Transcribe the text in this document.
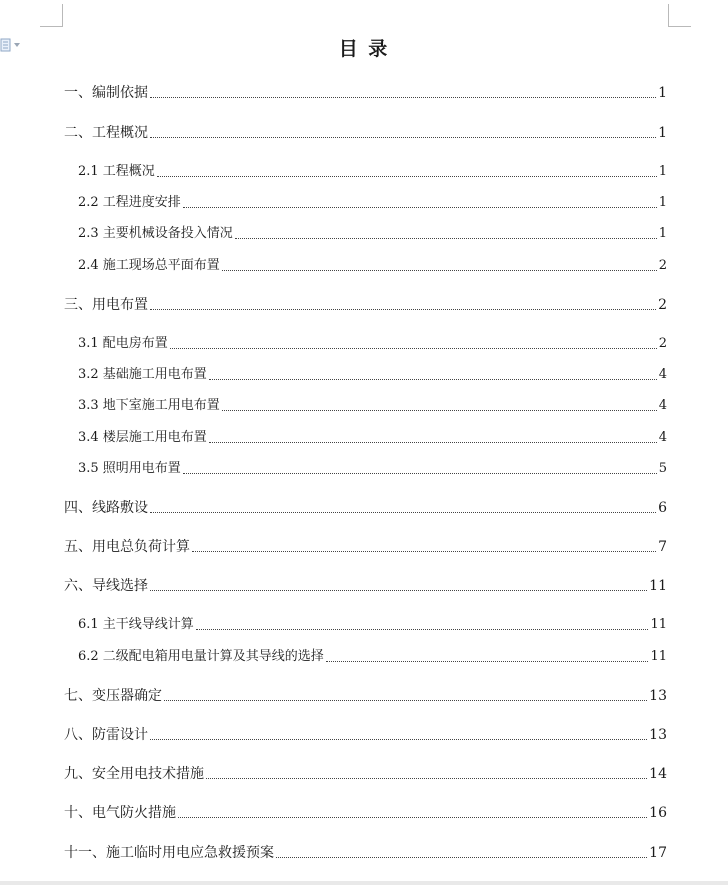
目 录
一、编制依据	1
二、工程概况	1
2.1 工程概况	1
2.2 工程进度安排	1
2.3 主要机械设备投入情况	1
2.4 施工现场总平面布置	2
三、用电布置	2
3.1 配电房布置	2
3.2 基础施工用电布置	4
3.3 地下室施工用电布置	4
3.4 楼层施工用电布置	4
3.5 照明用电布置	5
四、线路敷设	6
五、用电总负荷计算	7
六、导线选择	11
6.1 主干线导线计算	11
6.2 二级配电箱用电量计算及其导线的选择	11
七、变压器确定	13
八、防雷设计	13
九、安全用电技术措施	14
十、电气防火措施	16
十一、施工临时用电应急救援预案	17
